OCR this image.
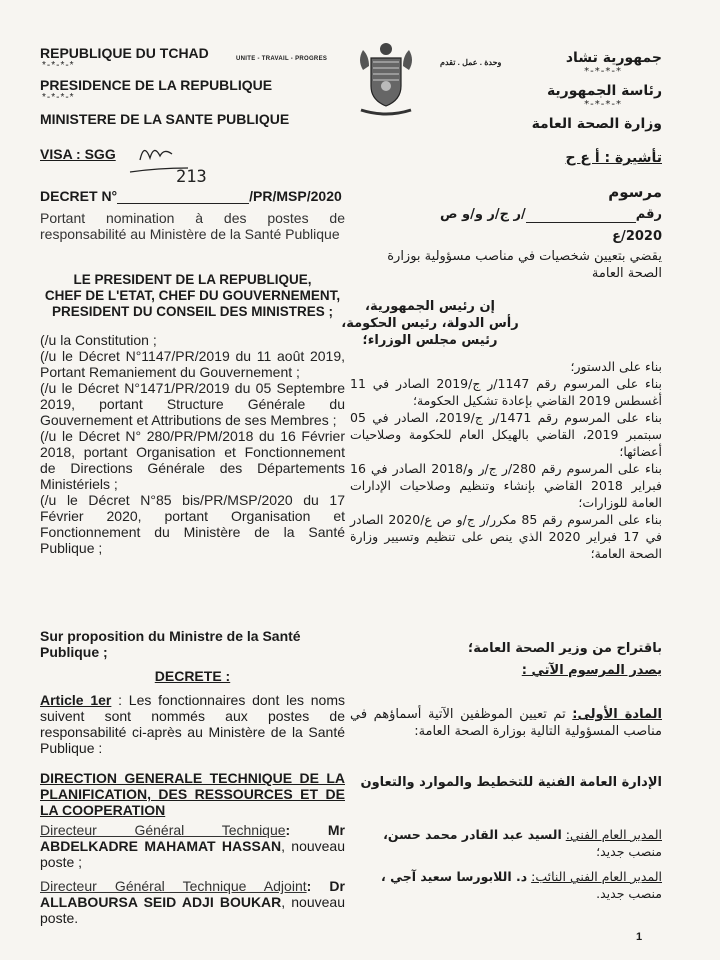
REPUBLIQUE DU TCHAD

*-*-*-*

PRESIDENCE DE LA REPUBLIQUE

*-*-*-*

MINISTERE DE LA SANTE PUBLIQUE

UNITE - TRAVAIL - PROGRES
VISA : SGG
213
DECRET N°	/PR/MSP/2020

Portant nomination à des postes de responsabilité au Ministère de la Santé Publique

جمهورية تشاد

*-*-*-*

رئاسة الجمهورية

*-*-*-*

وزارة الصحة العامة

وحدة . عمل . تقدم

تأشيرة : أ ع ح

مرسوم

رقم/ر ج/ر و/و ص

2020/ع

يقضي بتعيين شخصيات في مناصب مسؤولية بوزارة الصحة العامة

LE PRESIDENT DE LA REPUBLIQUE,

CHEF DE L'ETAT, CHEF DU GOUVERNEMENT,

PRESIDENT DU CONSEIL DES MINISTRES ;	إن رئيس الجمهورية،

رأس الدولة، رئيس الحكومة،

رئيس مجلس الوزراء؛

(/u la Constitution ;

(/u le Décret N°1147/PR/2019 du 11 août 2019, Portant Remaniement du Gouvernement ;

(/u le Décret N°1471/PR/2019 du 05 Septembre 2019, portant Structure Générale du Gouvernement et Attributions de ses Membres ;

(/u le Décret N° 280/PR/PM/2018 du 16 Février 2018, portant Organisation et Fonctionnement de Directions Générale des Départements Ministériels ;

(/u le Décret N°85 bis/PR/MSP/2020 du 17 Février 2020, portant Organisation et Fonctionnement du Ministère de la Santé Publique ;

بناء على الدستور؛

بناء على المرسوم رقم 1147/ر ج/2019 الصادر في 11 أغسطس 2019 القاضي بإعادة تشكيل الحكومة؛

بناء على المرسوم رقم 1471/ر ج/2019، الصادر في 05 سبتمبر 2019، القاضي بالهيكل العام للحكومة وصلاحيات أعضائها؛

بناء على المرسوم رقم 280/ر ج/ر و/2018 الصادر في 16 فبراير 2018 القاضي بإنشاء وتنظيم وصلاحيات الإدارات العامة للوزارات؛

بناء على المرسوم رقم 85 مكرر/ر ج/و ص ع/2020 الصادر في 17 فبراير 2020 الذي ينص على تنظيم وتسيير وزارة الصحة العامة؛

Sur proposition du Ministre de la Santé Publique ;	باقتراح من وزير الصحة العامة؛

DECRETE :	يصدر المرسوم الآتي :

Article 1er : Les fonctionnaires dont les noms suivent sont nommés aux postes de responsabilité ci-après au Ministère de la Santé Publique :

المادة الأولى: تم تعيين الموظفين الآتية أسماؤهم في مناصب المسؤولية التالية بوزارة الصحة العامة:

DIRECTION GENERALE TECHNIQUE DE LA PLANIFICATION, DES RESSOURCES ET DE LA COOPERATION

الإدارة العامة الفنية للتخطيط والموارد والتعاون

Directeur Général Technique: Mr ABDELKADRE MAHAMAT HASSAN, nouveau poste ;
Directeur Général Technique Adjoint: Dr ALLABOURSA SEID ADJI BOUKAR, nouveau poste.

المدير العام الفني: السيد عبد القادر محمد حسن،

منصب جديد؛

المدير العام الفني النائب: د. اللابورسا سعيد آجي ،

منصب جديد.

1
